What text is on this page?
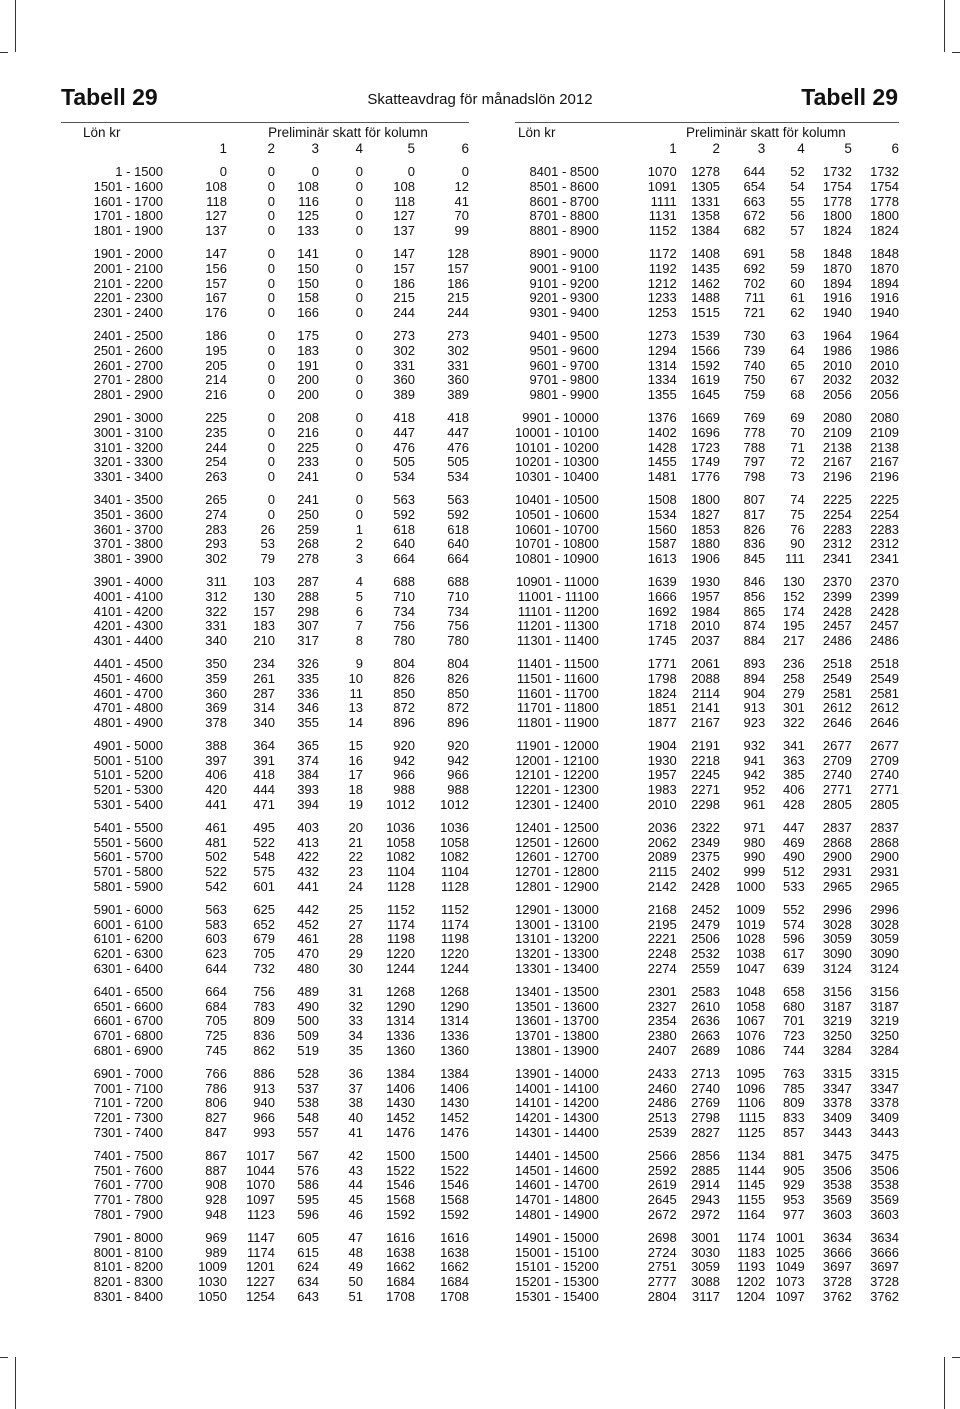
Tabell 29	Skatteavdrag för månadslön 2012	Tabell 29
Lön kr	Preliminär skatt för kolumn					
	1	2	3	4	5	6
1 - 1500	0	0	0	0	0	0
1501 - 1600	108	0	108	0	108	12
1601 - 1700	118	0	116	0	118	41
1701 - 1800	127	0	125	0	127	70
1801 - 1900	137	0	133	0	137	99

1901 - 2000	147	0	141	0	147	128
2001 - 2100	156	0	150	0	157	157
2101 - 2200	157	0	150	0	186	186
2201 - 2300	167	0	158	0	215	215
2301 - 2400	176	0	166	0	244	244

2401 - 2500	186	0	175	0	273	273
2501 - 2600	195	0	183	0	302	302
2601 - 2700	205	0	191	0	331	331
2701 - 2800	214	0	200	0	360	360
2801 - 2900	216	0	200	0	389	389

2901 - 3000	225	0	208	0	418	418
3001 - 3100	235	0	216	0	447	447
3101 - 3200	244	0	225	0	476	476
3201 - 3300	254	0	233	0	505	505
3301 - 3400	263	0	241	0	534	534

3401 - 3500	265	0	241	0	563	563
3501 - 3600	274	0	250	0	592	592
3601 - 3700	283	26	259	1	618	618
3701 - 3800	293	53	268	2	640	640
3801 - 3900	302	79	278	3	664	664

3901 - 4000	311	103	287	4	688	688
4001 - 4100	312	130	288	5	710	710
4101 - 4200	322	157	298	6	734	734
4201 - 4300	331	183	307	7	756	756
4301 - 4400	340	210	317	8	780	780

4401 - 4500	350	234	326	9	804	804
4501 - 4600	359	261	335	10	826	826
4601 - 4700	360	287	336	11	850	850
4701 - 4800	369	314	346	13	872	872
4801 - 4900	378	340	355	14	896	896

4901 - 5000	388	364	365	15	920	920
5001 - 5100	397	391	374	16	942	942
5101 - 5200	406	418	384	17	966	966
5201 - 5300	420	444	393	18	988	988
5301 - 5400	441	471	394	19	1012	1012

5401 - 5500	461	495	403	20	1036	1036
5501 - 5600	481	522	413	21	1058	1058
5601 - 5700	502	548	422	22	1082	1082
5701 - 5800	522	575	432	23	1104	1104
5801 - 5900	542	601	441	24	1128	1128

5901 - 6000	563	625	442	25	1152	1152
6001 - 6100	583	652	452	27	1174	1174
6101 - 6200	603	679	461	28	1198	1198
6201 - 6300	623	705	470	29	1220	1220
6301 - 6400	644	732	480	30	1244	1244

6401 - 6500	664	756	489	31	1268	1268
6501 - 6600	684	783	490	32	1290	1290
6601 - 6700	705	809	500	33	1314	1314
6701 - 6800	725	836	509	34	1336	1336
6801 - 6900	745	862	519	35	1360	1360

6901 - 7000	766	886	528	36	1384	1384
7001 - 7100	786	913	537	37	1406	1406
7101 - 7200	806	940	538	38	1430	1430
7201 - 7300	827	966	548	40	1452	1452
7301 - 7400	847	993	557	41	1476	1476

7401 - 7500	867	1017	567	42	1500	1500
7501 - 7600	887	1044	576	43	1522	1522
7601 - 7700	908	1070	586	44	1546	1546
7701 - 7800	928	1097	595	45	1568	1568
7801 - 7900	948	1123	596	46	1592	1592

7901 - 8000	969	1147	605	47	1616	1616
8001 - 8100	989	1174	615	48	1638	1638
8101 - 8200	1009	1201	624	49	1662	1662
8201 - 8300	1030	1227	634	50	1684	1684
8301 - 8400	1050	1254	643	51	1708	1708
Lön kr	Preliminär skatt för kolumn					
	1	2	3	4	5	6
8401 - 8500	1070	1278	644	52	1732	1732
8501 - 8600	1091	1305	654	54	1754	1754
8601 - 8700	1111	1331	663	55	1778	1778
8701 - 8800	1131	1358	672	56	1800	1800
8801 - 8900	1152	1384	682	57	1824	1824

8901 - 9000	1172	1408	691	58	1848	1848
9001 - 9100	1192	1435	692	59	1870	1870
9101 - 9200	1212	1462	702	60	1894	1894
9201 - 9300	1233	1488	711	61	1916	1916
9301 - 9400	1253	1515	721	62	1940	1940

9401 - 9500	1273	1539	730	63	1964	1964
9501 - 9600	1294	1566	739	64	1986	1986
9601 - 9700	1314	1592	740	65	2010	2010
9701 - 9800	1334	1619	750	67	2032	2032
9801 - 9900	1355	1645	759	68	2056	2056

9901 - 10000	1376	1669	769	69	2080	2080
10001 - 10100	1402	1696	778	70	2109	2109
10101 - 10200	1428	1723	788	71	2138	2138
10201 - 10300	1455	1749	797	72	2167	2167
10301 - 10400	1481	1776	798	73	2196	2196

10401 - 10500	1508	1800	807	74	2225	2225
10501 - 10600	1534	1827	817	75	2254	2254
10601 - 10700	1560	1853	826	76	2283	2283
10701 - 10800	1587	1880	836	90	2312	2312
10801 - 10900	1613	1906	845	111	2341	2341

10901 - 11000	1639	1930	846	130	2370	2370
11001 - 11100	1666	1957	856	152	2399	2399
11101 - 11200	1692	1984	865	174	2428	2428
11201 - 11300	1718	2010	874	195	2457	2457
11301 - 11400	1745	2037	884	217	2486	2486

11401 - 11500	1771	2061	893	236	2518	2518
11501 - 11600	1798	2088	894	258	2549	2549
11601 - 11700	1824	2114	904	279	2581	2581
11701 - 11800	1851	2141	913	301	2612	2612
11801 - 11900	1877	2167	923	322	2646	2646

11901 - 12000	1904	2191	932	341	2677	2677
12001 - 12100	1930	2218	941	363	2709	2709
12101 - 12200	1957	2245	942	385	2740	2740
12201 - 12300	1983	2271	952	406	2771	2771
12301 - 12400	2010	2298	961	428	2805	2805

12401 - 12500	2036	2322	971	447	2837	2837
12501 - 12600	2062	2349	980	469	2868	2868
12601 - 12700	2089	2375	990	490	2900	2900
12701 - 12800	2115	2402	999	512	2931	2931
12801 - 12900	2142	2428	1000	533	2965	2965

12901 - 13000	2168	2452	1009	552	2996	2996
13001 - 13100	2195	2479	1019	574	3028	3028
13101 - 13200	2221	2506	1028	596	3059	3059
13201 - 13300	2248	2532	1038	617	3090	3090
13301 - 13400	2274	2559	1047	639	3124	3124

13401 - 13500	2301	2583	1048	658	3156	3156
13501 - 13600	2327	2610	1058	680	3187	3187
13601 - 13700	2354	2636	1067	701	3219	3219
13701 - 13800	2380	2663	1076	723	3250	3250
13801 - 13900	2407	2689	1086	744	3284	3284

13901 - 14000	2433	2713	1095	763	3315	3315
14001 - 14100	2460	2740	1096	785	3347	3347
14101 - 14200	2486	2769	1106	809	3378	3378
14201 - 14300	2513	2798	1115	833	3409	3409
14301 - 14400	2539	2827	1125	857	3443	3443

14401 - 14500	2566	2856	1134	881	3475	3475
14501 - 14600	2592	2885	1144	905	3506	3506
14601 - 14700	2619	2914	1145	929	3538	3538
14701 - 14800	2645	2943	1155	953	3569	3569
14801 - 14900	2672	2972	1164	977	3603	3603

14901 - 15000	2698	3001	1174	1001	3634	3634
15001 - 15100	2724	3030	1183	1025	3666	3666
15101 - 15200	2751	3059	1193	1049	3697	3697
15201 - 15300	2777	3088	1202	1073	3728	3728
15301 - 15400	2804	3117	1204	1097	3762	3762
